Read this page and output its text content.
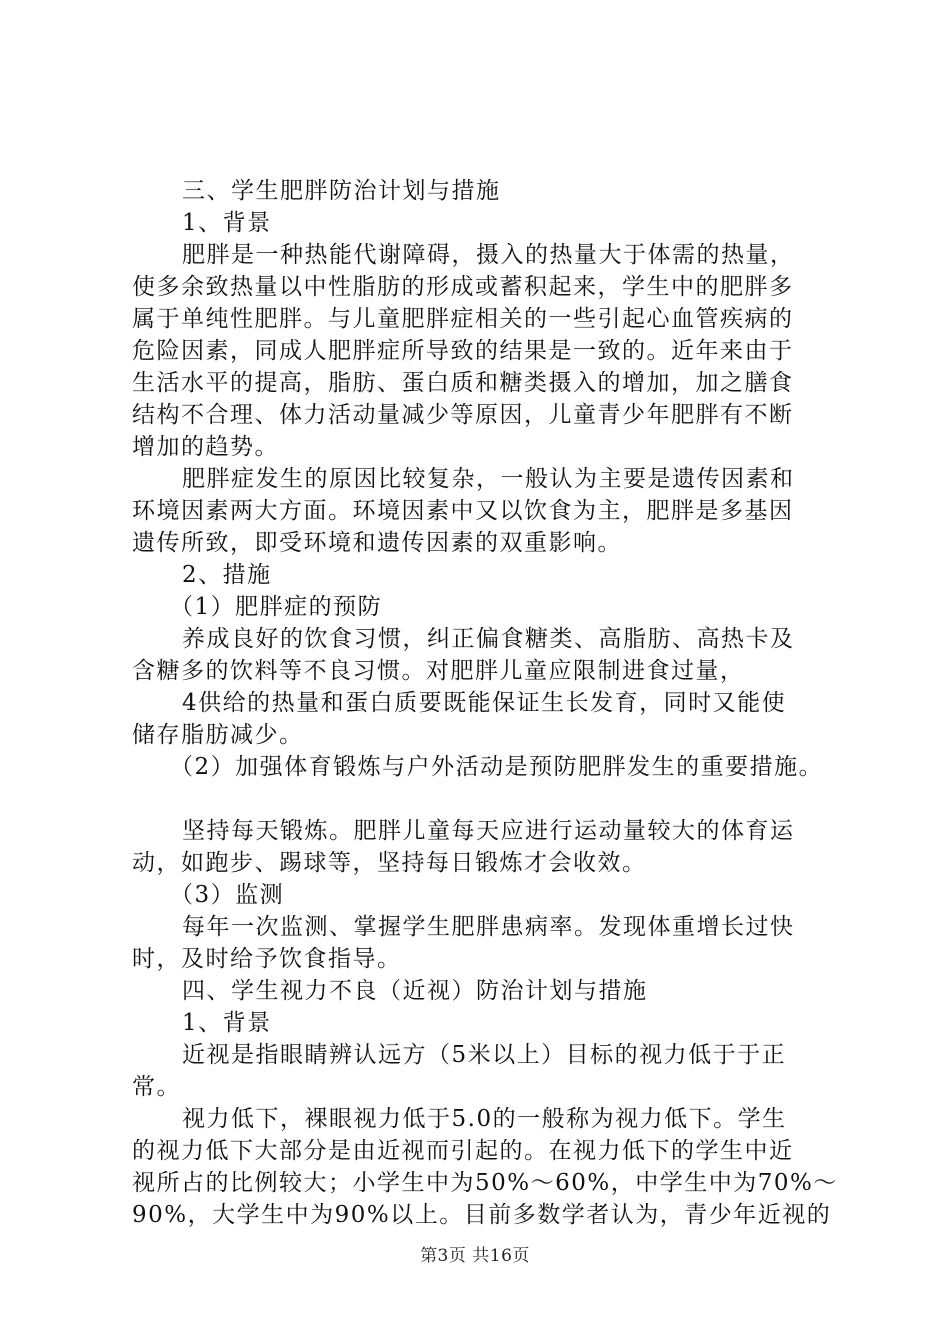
三、学生肥胖防治计划与措施
1、背景
肥胖是一种热能代谢障碍，摄入的热量大于体需的热量，
使多余致热量以中性脂肪的形成或蓄积起来，学生中的肥胖多
属于单纯性肥胖。与儿童肥胖症相关的一些引起心血管疾病的
危险因素，同成人肥胖症所导致的结果是一致的。近年来由于
生活水平的提高，脂肪、蛋白质和糖类摄入的增加，加之膳食
结构不合理、体力活动量减少等原因，儿童青少年肥胖有不断
增加的趋势。
肥胖症发生的原因比较复杂，一般认为主要是遗传因素和
环境因素两大方面。环境因素中又以饮食为主，肥胖是多基因
遗传所致，即受环境和遗传因素的双重影响。
2、措施
（1）肥胖症的预防
养成良好的饮食习惯，纠正偏食糖类、高脂肪、高热卡及
含糖多的饮料等不良习惯。对肥胖儿童应限制进食过量，
4供给的热量和蛋白质要既能保证生长发育，同时又能使
储存脂肪减少。
（2）加强体育锻炼与户外活动是预防肥胖发生的重要措施。
坚持每天锻炼。肥胖儿童每天应进行运动量较大的体育运
动，如跑步、踢球等，坚持每日锻炼才会收效。
（3）监测
每年一次监测、掌握学生肥胖患病率。发现体重增长过快
时，及时给予饮食指导。
四、学生视力不良（近视）防治计划与措施
1、背景
近视是指眼睛辨认远方（5米以上）目标的视力低于于正
常。
视力低下，裸眼视力低于5.0的一般称为视力低下。学生
的视力低下大部分是由近视而引起的。在视力低下的学生中近
视所占的比例较大；小学生中为50%～60%，中学生中为70%～
90%，大学生中为90%以上。目前多数学者认为，青少年近视的
第3页 共16页
